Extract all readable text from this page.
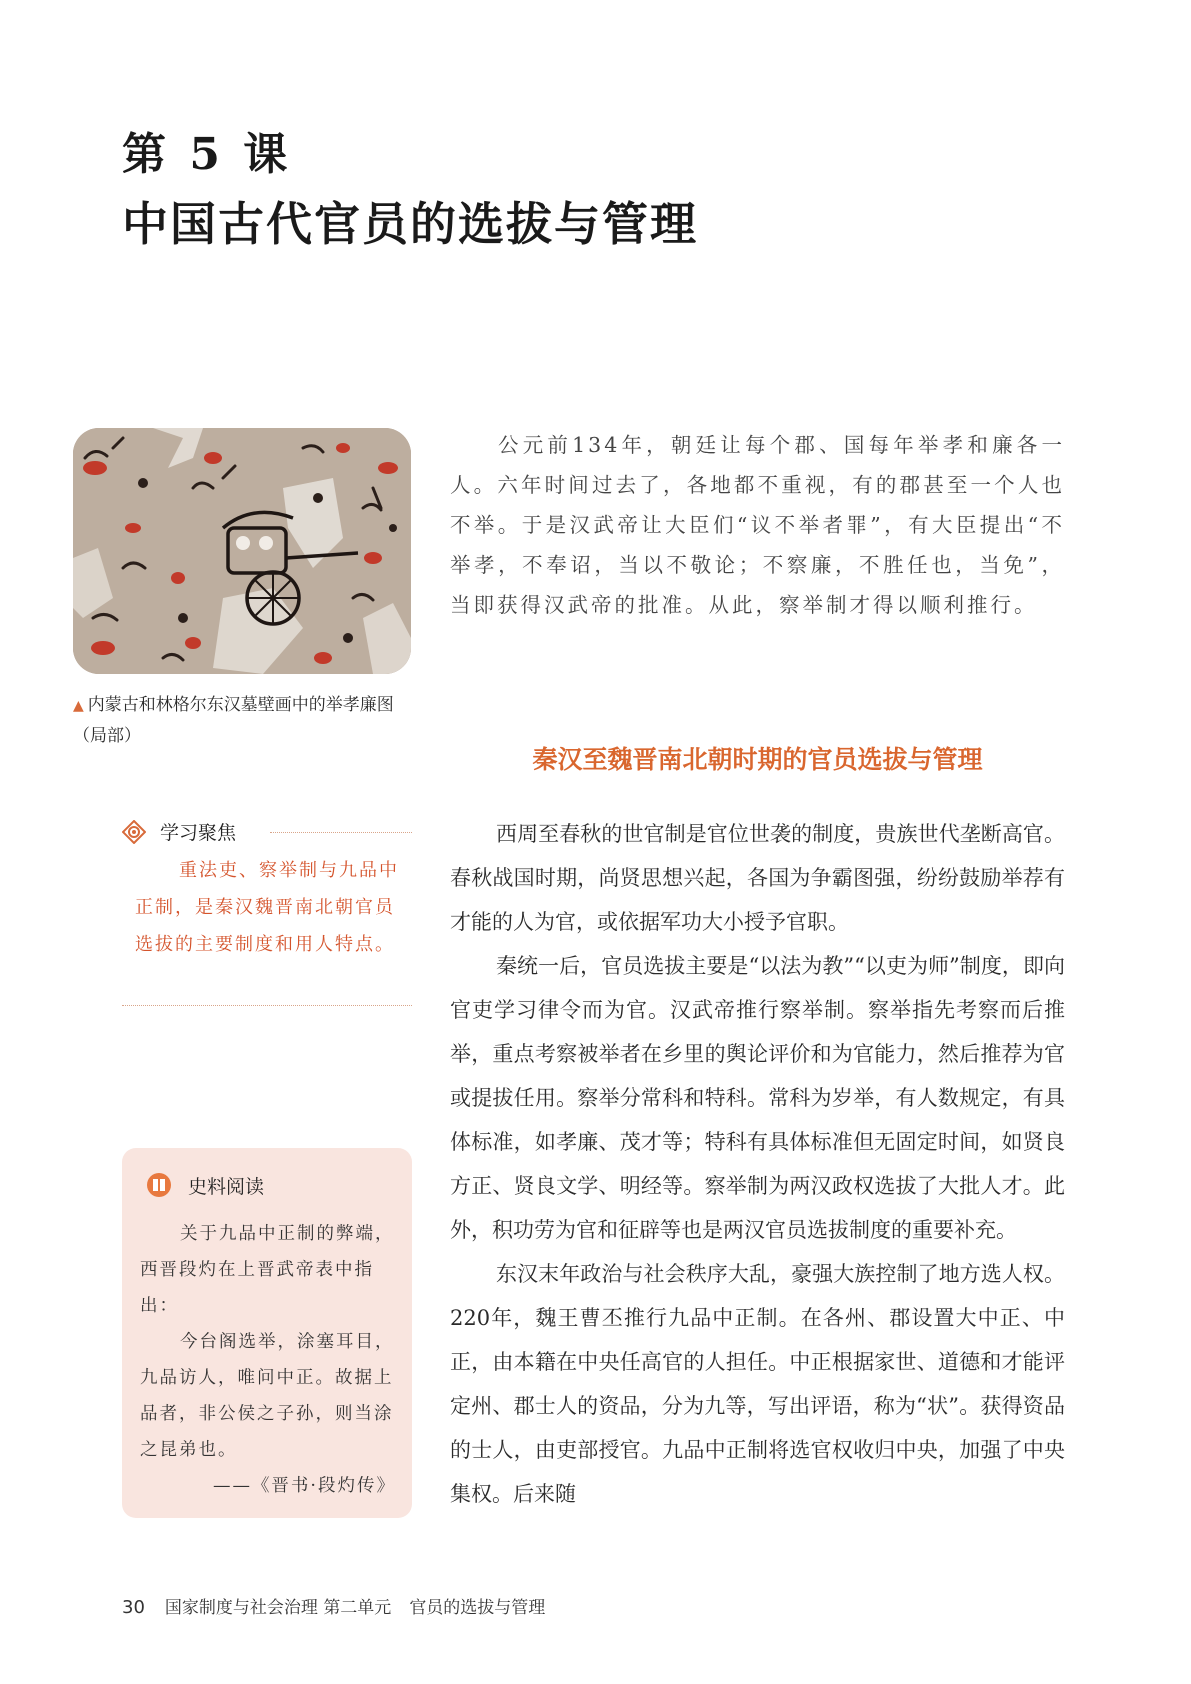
第 5 课
中国古代官员的选拔与管理
▲ 内蒙古和林格尔东汉墓壁画中的举孝廉图（局部）
公元前134年，朝廷让每个郡、国每年举孝和廉各一人。六年时间过去了，各地都不重视，有的郡甚至一个人也不举。于是汉武帝让大臣们“议不举者罪”，有大臣提出“不举孝，不奉诏，当以不敬论；不察廉，不胜任也，当免”，当即获得汉武帝的批准。从此，察举制才得以顺利推行。
学习聚焦
重法吏、察举制与九品中正制，是秦汉魏晋南北朝官员选拔的主要制度和用人特点。
史料阅读

关于九品中正制的弊端，西晋段灼在上晋武帝表中指出：

今台阁选举，涂塞耳目，九品访人，唯问中正。故据上品者，非公侯之子孙，则当涂之昆弟也。

——《晋书·段灼传》

秦汉至魏晋南北朝时期的官员选拔与管理

西周至春秋的世官制是官位世袭的制度，贵族世代垄断高官。春秋战国时期，尚贤思想兴起，各国为争霸图强，纷纷鼓励举荐有才能的人为官，或依据军功大小授予官职。

秦统一后，官员选拔主要是“以法为教”“以吏为师”制度，即向官吏学习律令而为官。汉武帝推行察举制。察举指先考察而后推举，重点考察被举者在乡里的舆论评价和为官能力，然后推荐为官或提拔任用。察举分常科和特科。常科为岁举，有人数规定，有具体标准，如孝廉、茂才等；特科有具体标准但无固定时间，如贤良方正、贤良文学、明经等。察举制为两汉政权选拔了大批人才。此外，积功劳为官和征辟等也是两汉官员选拔制度的重要补充。

东汉末年政治与社会秩序大乱，豪强大族控制了地方选人权。220年，魏王曹丕推行九品中正制。在各州、郡设置大中正、中正，由本籍在中央任高官的人担任。中正根据家世、道德和才能评定州、郡士人的资品，分为九等，写出评语，称为“状”。获得资品的士人，由吏部授官。九品中正制将选官权收归中央，加强了中央集权。后来随

30 国家制度与社会治理 第二单元 官员的选拔与管理
